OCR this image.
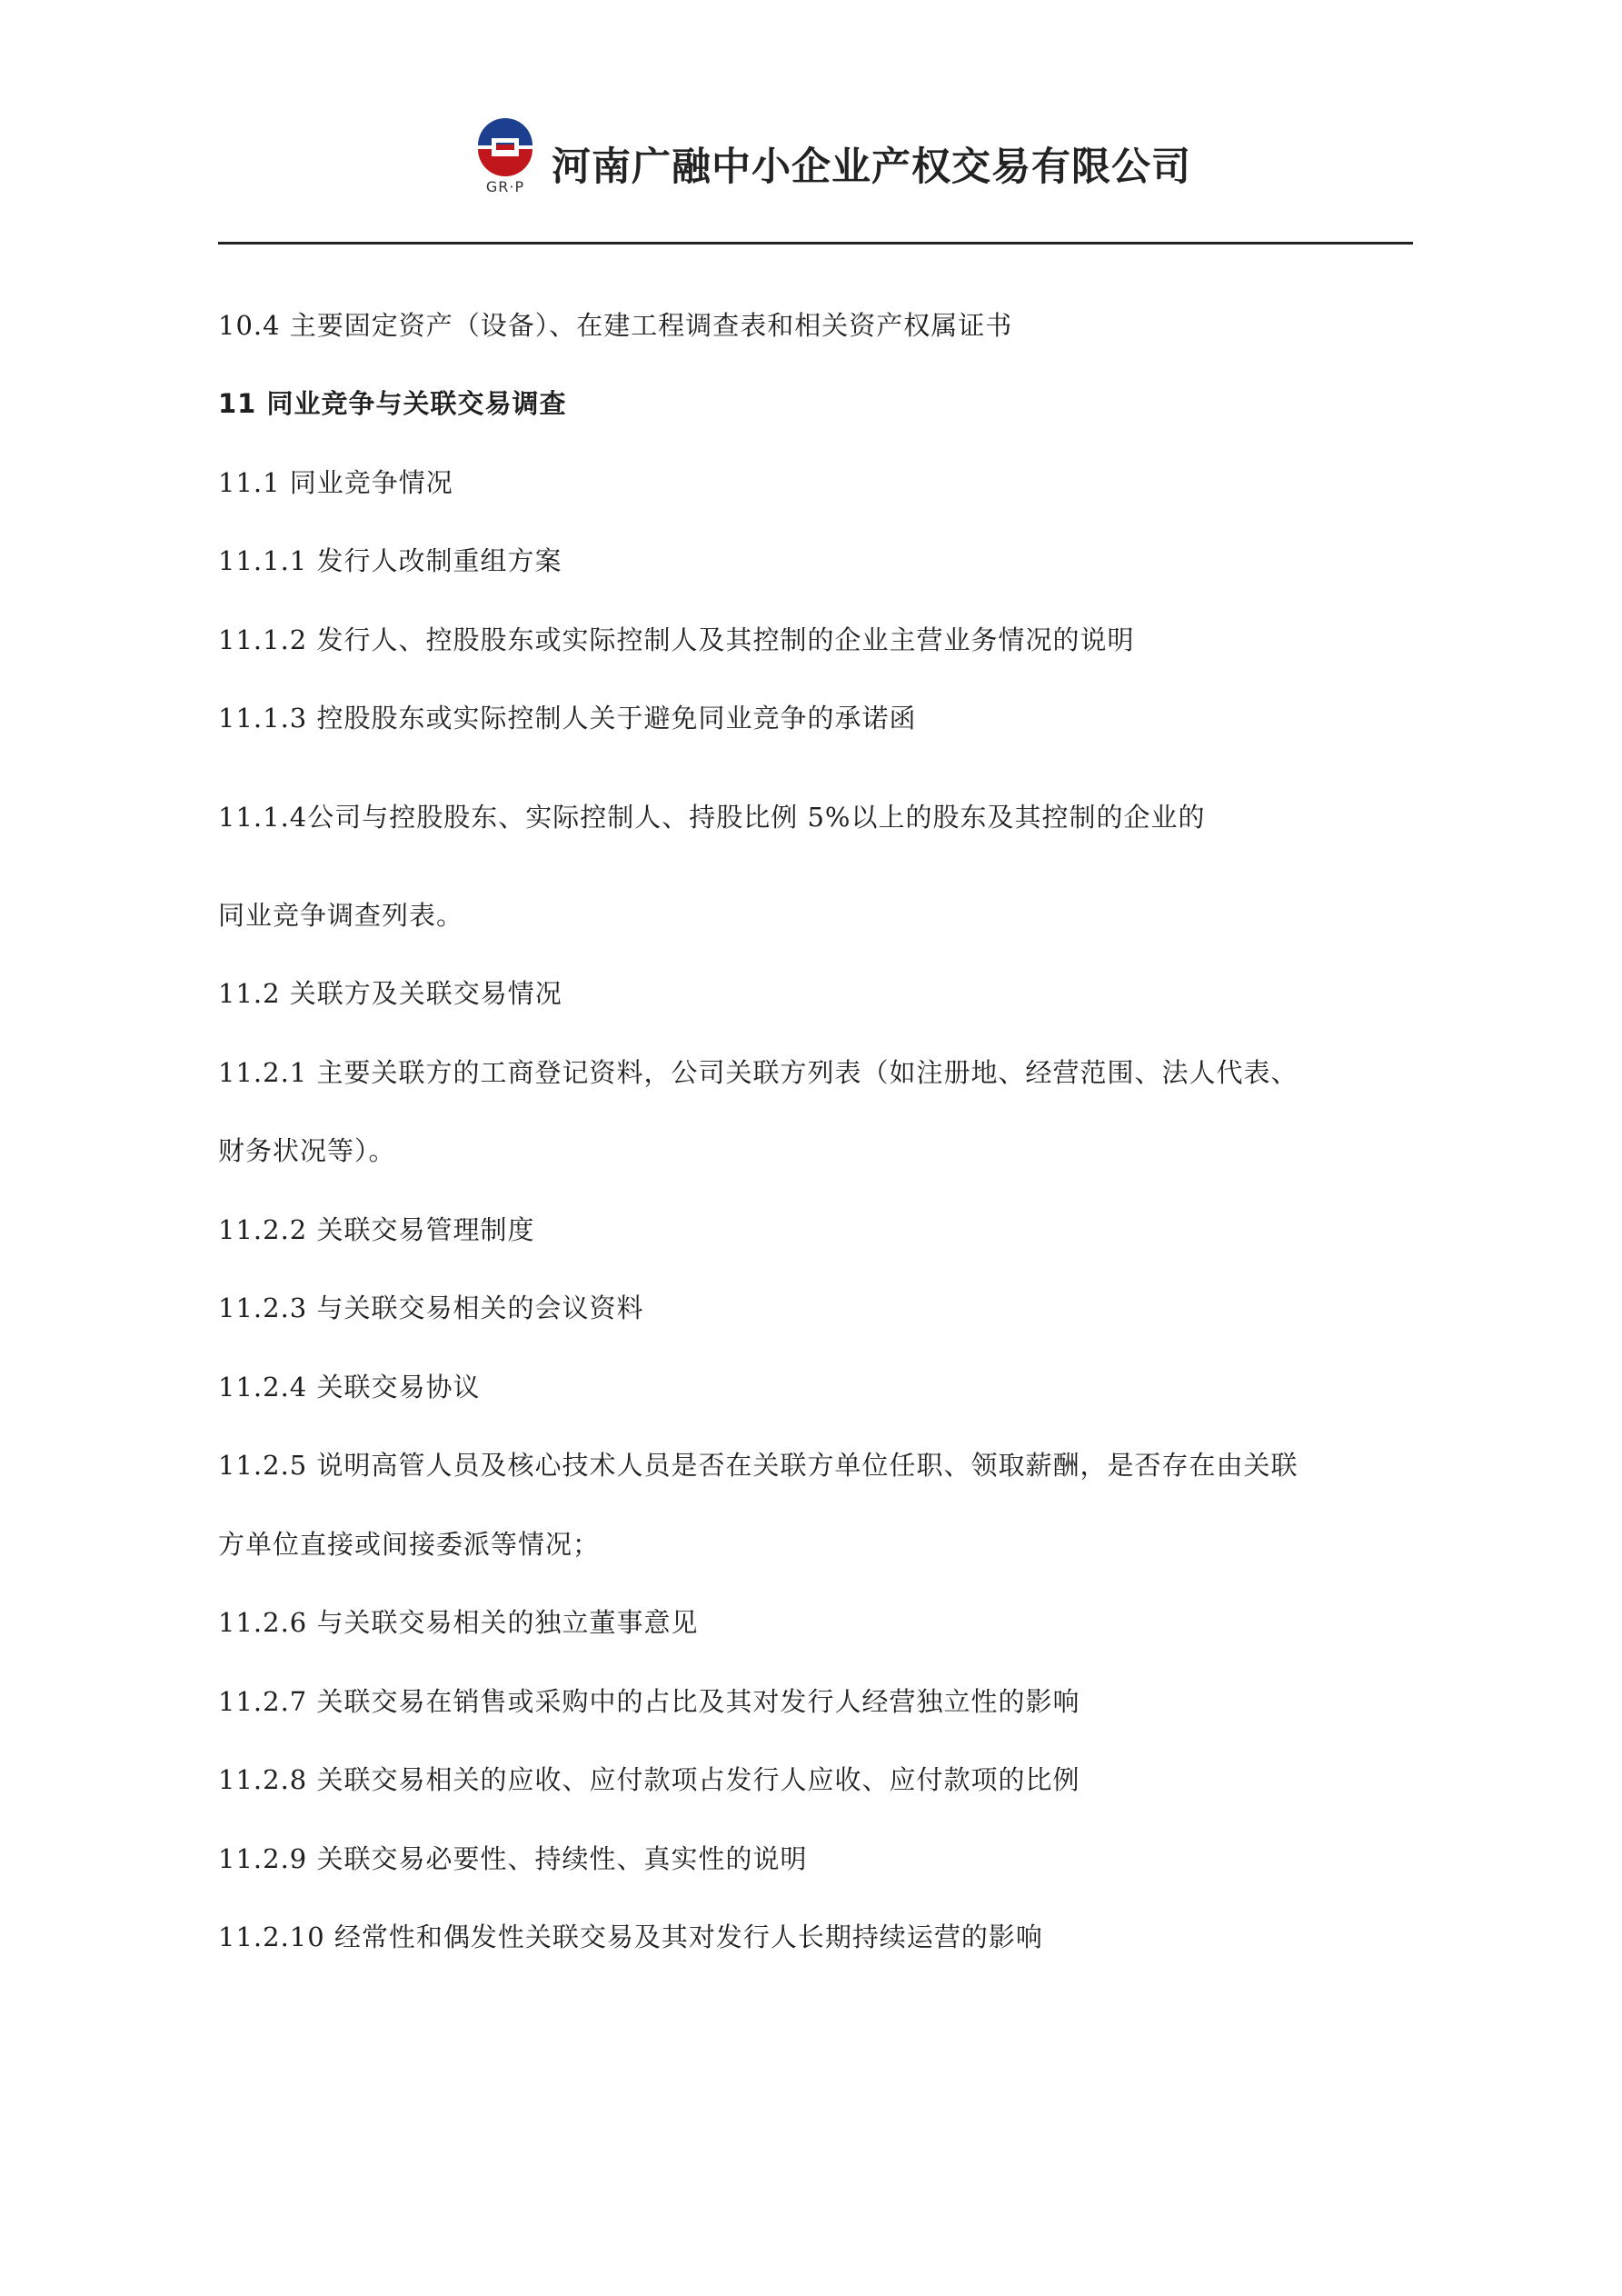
GR·P 河南广融中小企业产权交易有限公司
10.4 主要固定资产（设备）、在建工程调查表和相关资产权属证书
11 同业竞争与关联交易调查
11.1 同业竞争情况
11.1.1 发行人改制重组方案
11.1.2 发行人、控股股东或实际控制人及其控制的企业主营业务情况的说明
11.1.3 控股股东或实际控制人关于避免同业竞争的承诺函
11.1.4公司与控股股东、实际控制人、持股比例 5%以上的股东及其控制的企业的
同业竞争调查列表。
11.2 关联方及关联交易情况
11.2.1 主要关联方的工商登记资料，公司关联方列表（如注册地、经营范围、法人代表、
财务状况等）。
11.2.2 关联交易管理制度
11.2.3 与关联交易相关的会议资料
11.2.4 关联交易协议
11.2.5 说明高管人员及核心技术人员是否在关联方单位任职、领取薪酬，是否存在由关联
方单位直接或间接委派等情况；
11.2.6 与关联交易相关的独立董事意见
11.2.7 关联交易在销售或采购中的占比及其对发行人经营独立性的影响
11.2.8 关联交易相关的应收、应付款项占发行人应收、应付款项的比例
11.2.9 关联交易必要性、持续性、真实性的说明
11.2.10 经常性和偶发性关联交易及其对发行人长期持续运营的影响
